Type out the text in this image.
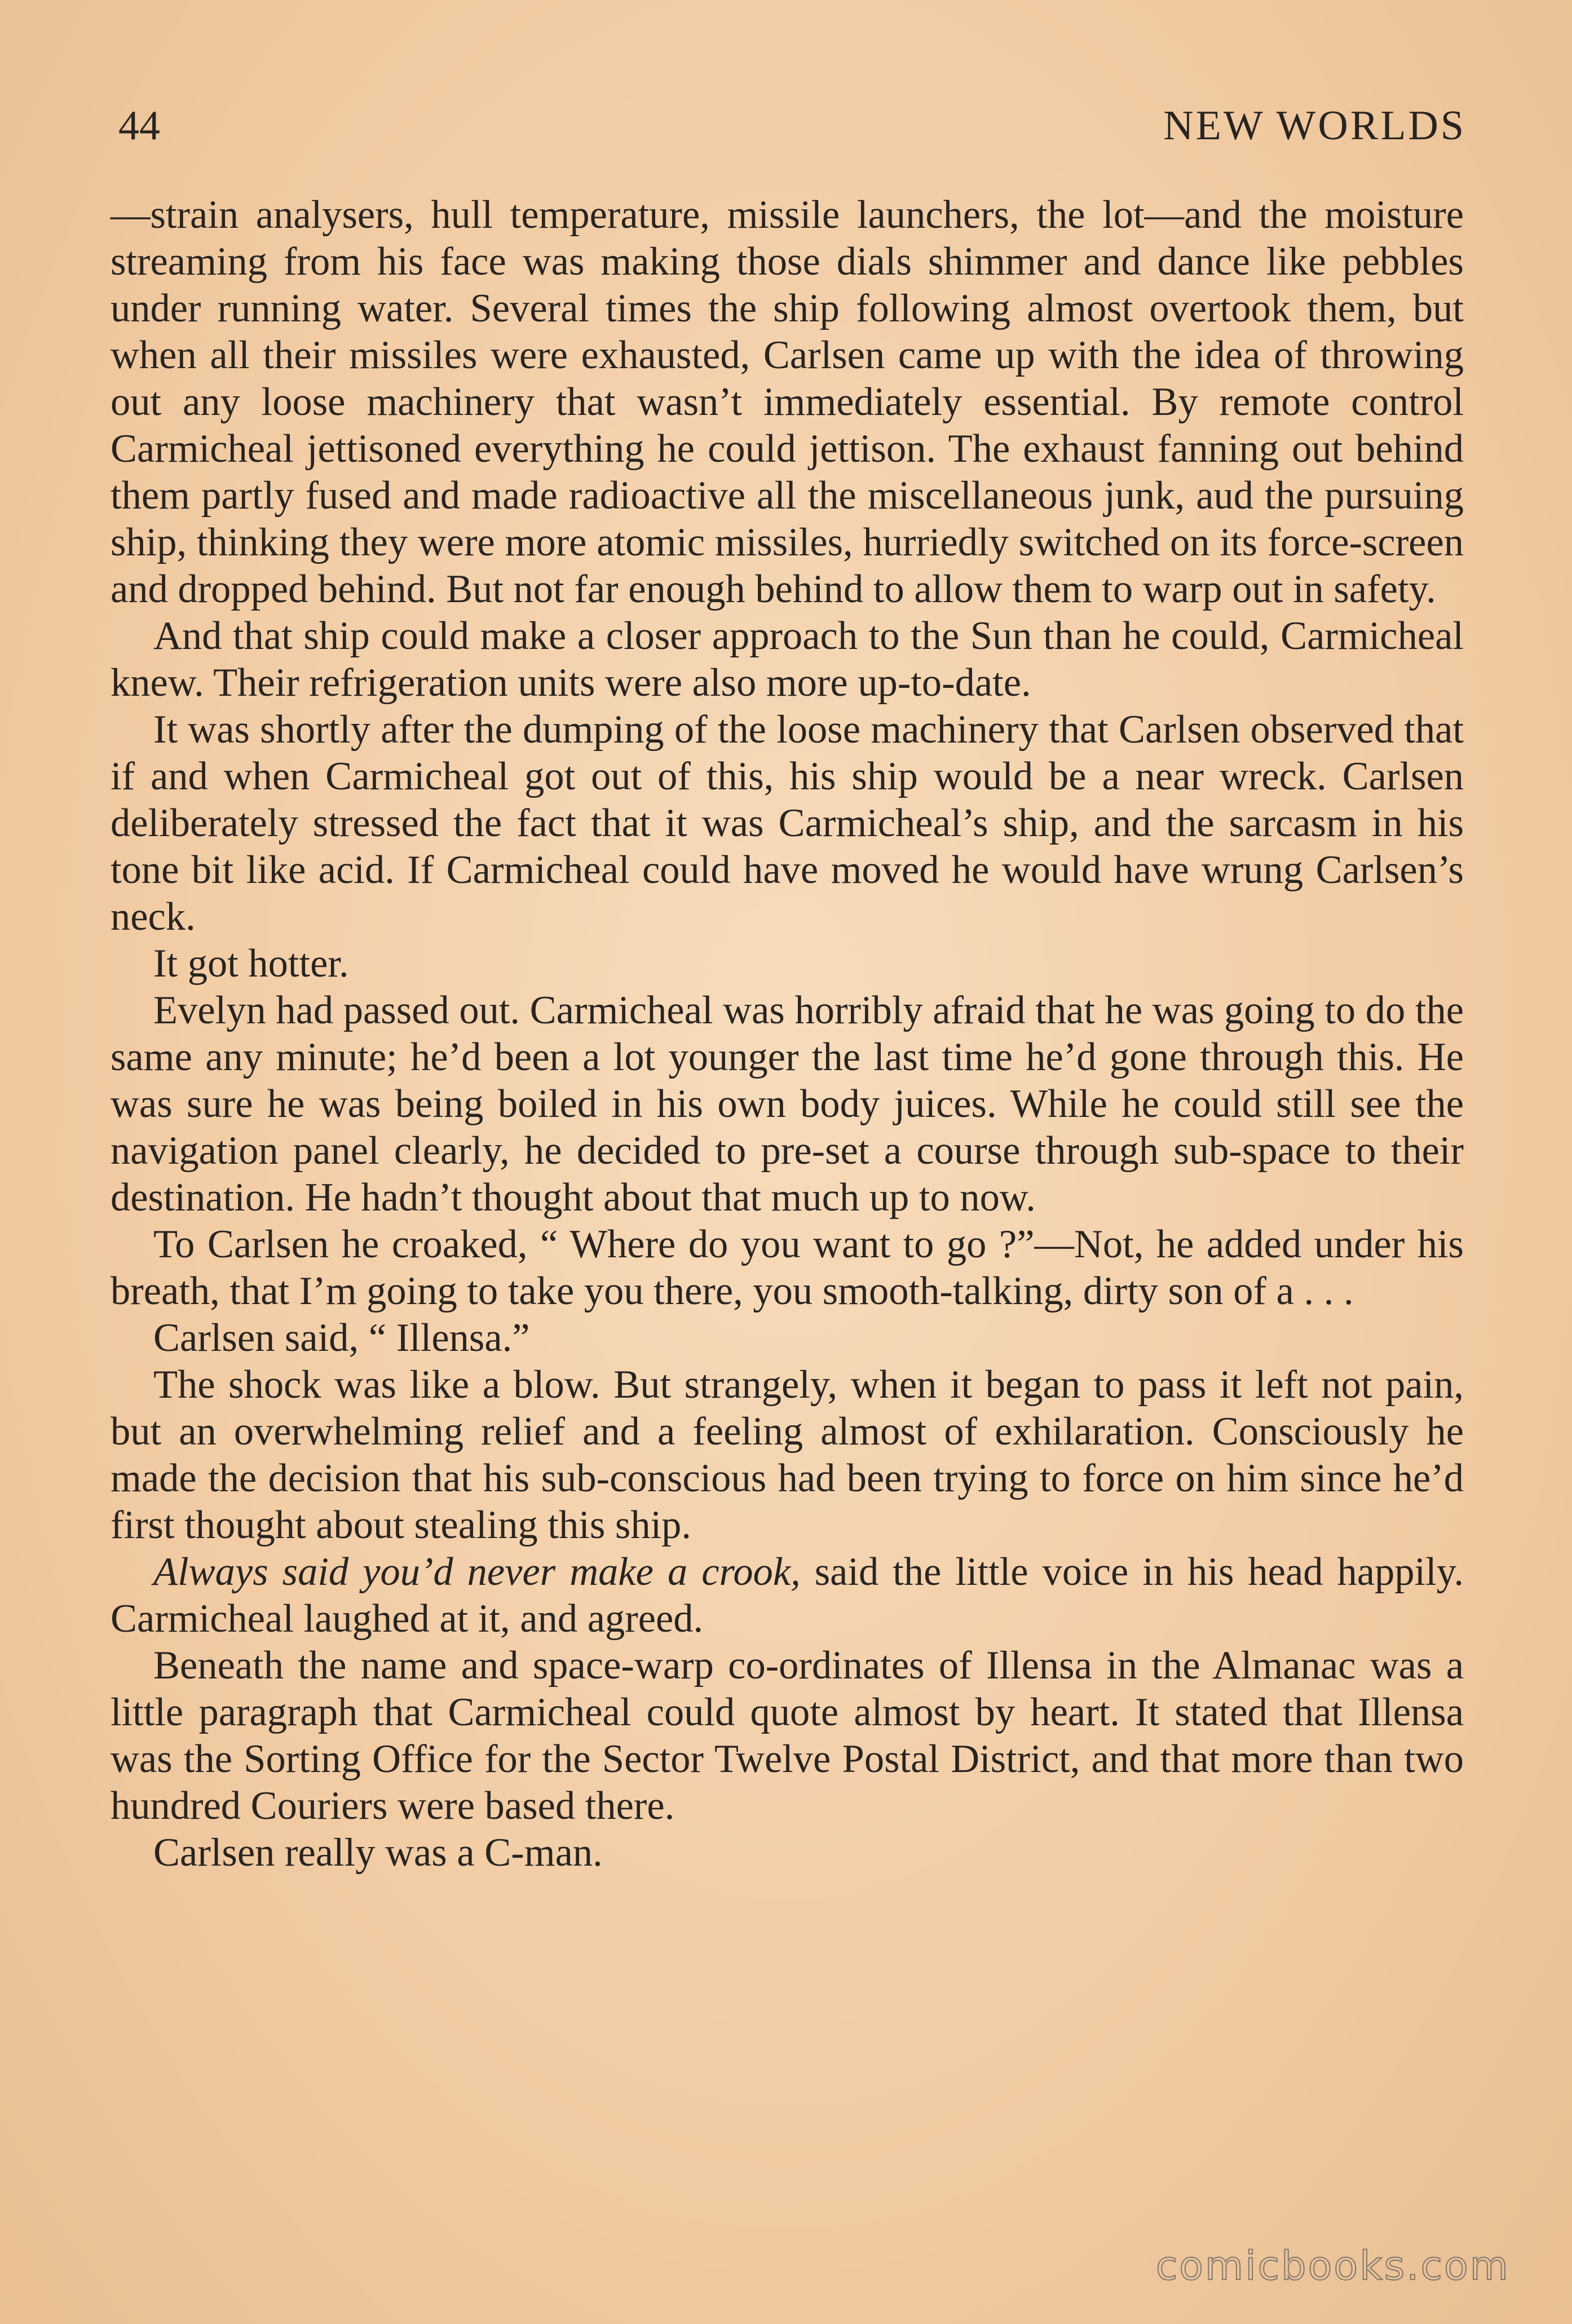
44	NEW WORLDS

—strain analysers, hull temperature, missile launchers, the lot—and the moisture streaming from his face was making those dials shimmer and dance like pebbles under running water. Several times the ship following almost overtook them, but when all their missiles were exhausted, Carlsen came up with the idea of throwing out any loose machinery that wasn’t immediately essential. By remote control Carmicheal jettisoned everything he could jettison. The exhaust fanning out behind them partly fused and made radioactive all the miscellaneous junk, aud the pursuing ship, thinking they were more atomic missiles, hurriedly switched on its force-screen and dropped behind. But not far enough behind to allow them to warp out in safety.

And that ship could make a closer approach to the Sun than he could, Carmicheal knew. Their refrigeration units were also more up-to-date.

It was shortly after the dumping of the loose machinery that Carlsen observed that if and when Carmicheal got out of this, his ship would be a near wreck. Carlsen deliberately stressed the fact that it was Carmicheal’s ship, and the sarcasm in his tone bit like acid. If Carmicheal could have moved he would have wrung Carlsen’s neck.

It got hotter.

Evelyn had passed out. Carmicheal was horribly afraid that he was going to do the same any minute; he’d been a lot younger the last time he’d gone through this. He was sure he was being boiled in his own body juices. While he could still see the navigation panel clearly, he decided to pre-set a course through sub-space to their destination. He hadn’t thought about that much up to now.

To Carlsen he croaked, “ Where do you want to go ?”—Not, he added under his breath, that I’m going to take you there, you smooth-talking, dirty son of a . . .

Carlsen said, “ Illensa.”

The shock was like a blow. But strangely, when it began to pass it left not pain, but an overwhelming relief and a feeling almost of exhilaration. Consciously he made the decision that his sub-conscious had been trying to force on him since he’d first thought about stealing this ship.

Always said you’d never make a crook, said the little voice in his head happily. Carmicheal laughed at it, and agreed.

Beneath the name and space-warp co-ordinates of Illensa in the Almanac was a little paragraph that Carmicheal could quote almost by heart. It stated that Illensa was the Sorting Office for the Sector Twelve Postal District, and that more than two hundred Couriers were based there.

Carlsen really was a C-man.

comicbooks.com
